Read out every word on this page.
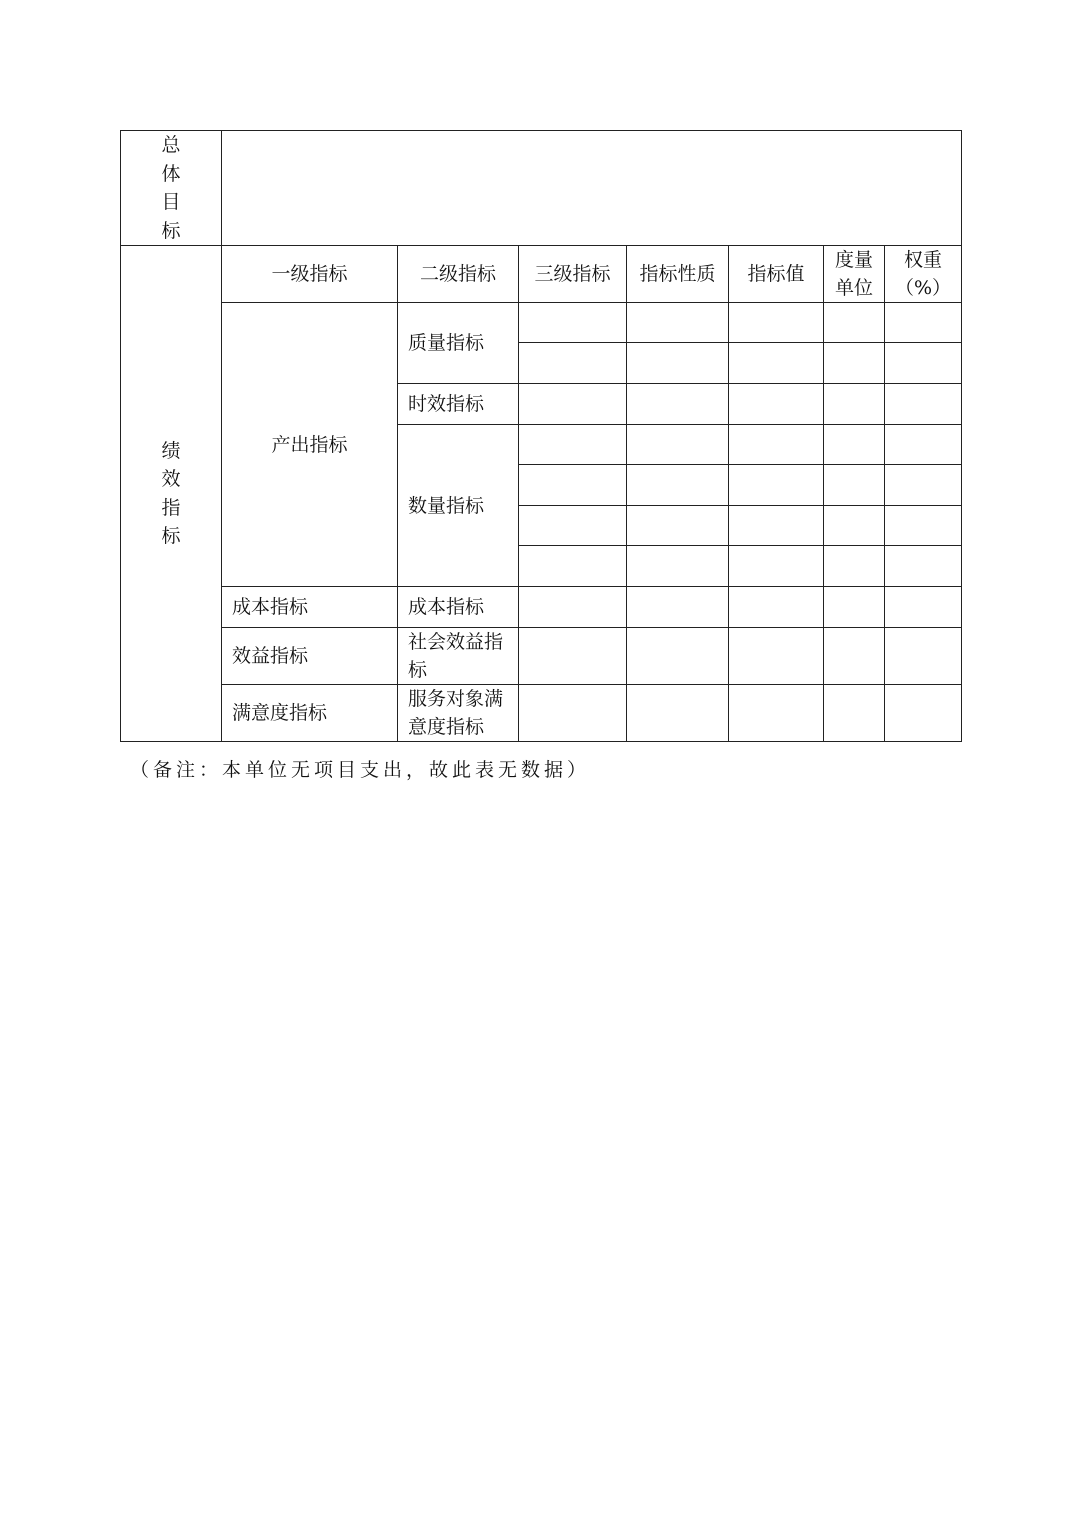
总体目标							

绩效指标	一级指标	二级指标	三级指标	指标性质	指标值	度量单位	权重（%）
	产出指标	质量指标					

		时效指标					
		数量指标					

	成本指标	成本指标					
	效益指标	社会效益指标					
	满意度指标	服务对象满意度指标					
（备注：本单位无项目支出，故此表无数据）
